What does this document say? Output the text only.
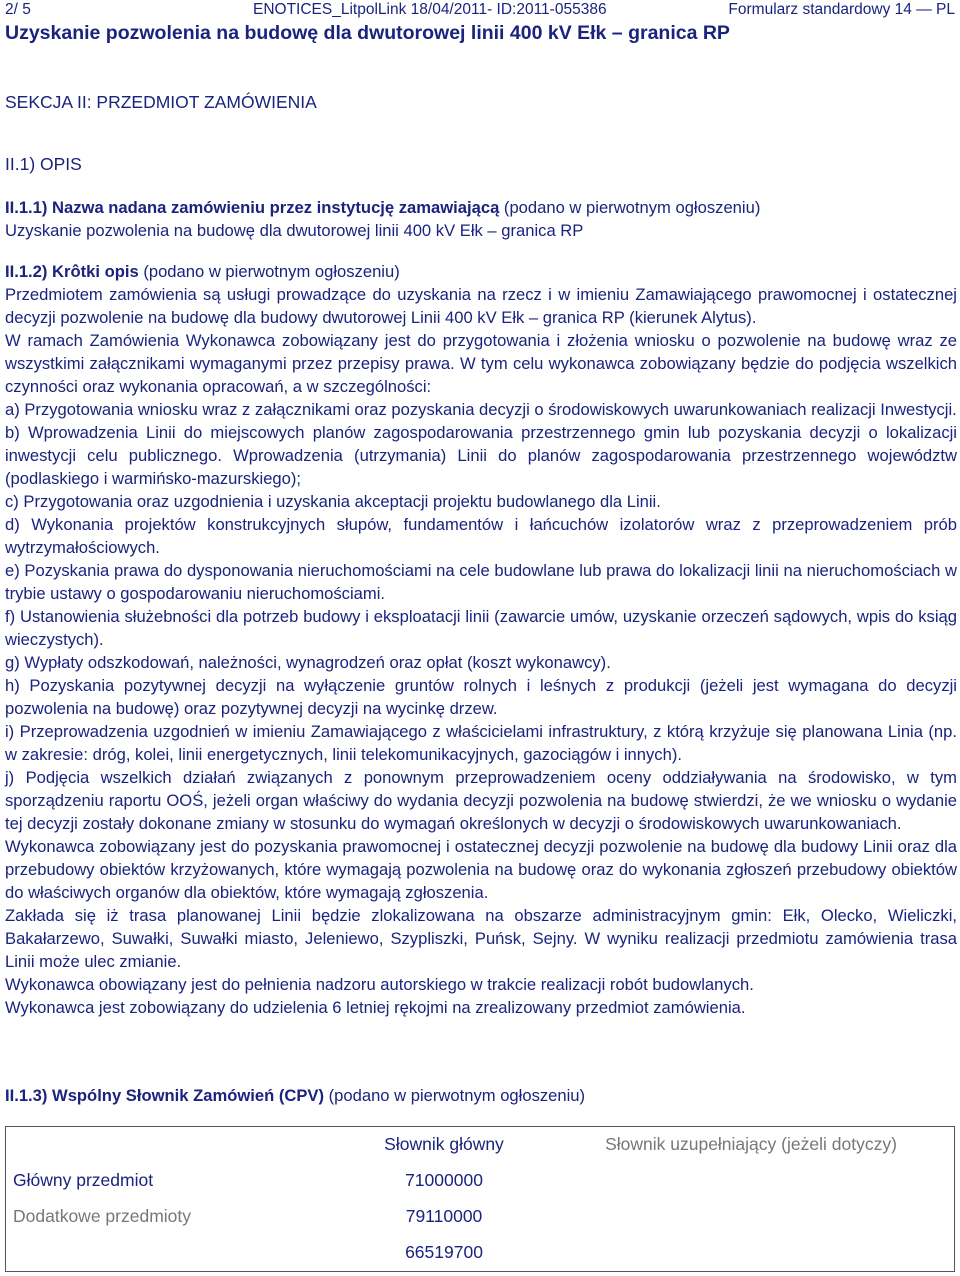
2/ 5	ENOTICES_LitpolLink 18/04/2011- ID:2011-055386	Formularz standardowy 14 — PL
Uzyskanie pozwolenia na budowę dla dwutorowej linii 400 kV Ełk – granica RP
SEKCJA II: PRZEDMIOT ZAMÓWIENIA
II.1) OPIS
II.1.1) Nazwa nadana zamówieniu przez instytucję zamawiającą (podano w pierwotnym ogłoszeniu)
Uzyskanie pozwolenia na budowę dla dwutorowej linii 400 kV Ełk – granica RP
II.1.2) Krôtki opis (podano w pierwotnym ogłoszeniu)
Przedmiotem zamówienia są usługi prowadzące do uzyskania na rzecz i w imieniu Zamawiającego prawomocnej i ostatecznej decyzji pozwolenie na budowę dla budowy dwutorowej Linii 400 kV Ełk – granica RP (kierunek Alytus).
W ramach Zamówienia Wykonawca zobowiązany jest do przygotowania i złożenia wniosku o pozwolenie na budowę wraz ze wszystkimi załącznikami wymaganymi przez przepisy prawa. W tym celu wykonawca zobowiązany będzie do podjęcia wszelkich czynności oraz wykonania opracowań, a w szczególności:
a) Przygotowania wniosku wraz z załącznikami oraz pozyskania decyzji o środowiskowych uwarunkowaniach realizacji Inwestycji.
b) Wprowadzenia Linii do miejscowych planów zagospodarowania przestrzennego gmin lub pozyskania decyzji o lokalizacji inwestycji celu publicznego. Wprowadzenia (utrzymania) Linii do planów zagospodarowania przestrzennego województw (podlaskiego i warmińsko-mazurskiego);
c) Przygotowania oraz uzgodnienia i uzyskania akceptacji projektu budowlanego dla Linii.
d) Wykonania projektów konstrukcyjnych słupów, fundamentów i łańcuchów izolatorów wraz z przeprowadzeniem prób wytrzymałościowych.
e) Pozyskania prawa do dysponowania nieruchomościami na cele budowlane lub prawa do lokalizacji linii na nieruchomościach w trybie ustawy o gospodarowaniu nieruchomościami.
f) Ustanowienia służebności dla potrzeb budowy i eksploatacji linii (zawarcie umów, uzyskanie orzeczeń sądowych, wpis do ksiąg wieczystych).
g) Wypłaty odszkodowań, należności, wynagrodzeń oraz opłat (koszt wykonawcy).
h) Pozyskania pozytywnej decyzji na wyłączenie gruntów rolnych i leśnych z produkcji (jeżeli jest wymagana do decyzji pozwolenia na budowę) oraz pozytywnej decyzji na wycinkę drzew.
i) Przeprowadzenia uzgodnień w imieniu Zamawiającego z właścicielami infrastruktury, z którą krzyżuje się planowana Linia (np. w zakresie: dróg, kolei, linii energetycznych, linii telekomunikacyjnych, gazociągów i innych).
j) Podjęcia wszelkich działań związanych z ponownym przeprowadzeniem oceny oddziaływania na środowisko, w tym sporządzeniu raportu OOŚ, jeżeli organ właściwy do wydania decyzji pozwolenia na budowę stwierdzi, że we wniosku o wydanie tej decyzji zostały dokonane zmiany w stosunku do wymagań określonych w decyzji o środowiskowych uwarunkowaniach.
Wykonawca zobowiązany jest do pozyskania prawomocnej i ostatecznej decyzji pozwolenie na budowę dla budowy Linii oraz dla przebudowy obiektów krzyżowanych, które wymagają pozwolenia na budowę oraz do wykonania zgłoszeń przebudowy obiektów do właściwych organów dla obiektów, które wymagają zgłoszenia.
Zakłada się iż trasa planowanej Linii będzie zlokalizowana na obszarze administracyjnym gmin: Ełk, Olecko, Wieliczki, Bakałarzewo, Suwałki, Suwałki miasto, Jeleniewo, Szypliszki, Puńsk, Sejny. W wyniku realizacji przedmiotu zamówienia trasa Linii może ulec zmianie.
Wykonawca obowiązany jest do pełnienia nadzoru autorskiego w trakcie realizacji robót budowlanych.
Wykonawca jest zobowiązany do udzielenia 6 letniej rękojmi na zrealizowany przedmiot zamówienia.
II.1.3) Wspólny Słownik Zamówień (CPV) (podano w pierwotnym ogłoszeniu)
	Słownik główny	Słownik uzupełniający (jeżeli dotyczy)
Główny przedmiot	71000000	
Dodatkowe przedmioty	79110000	
	66519700	
